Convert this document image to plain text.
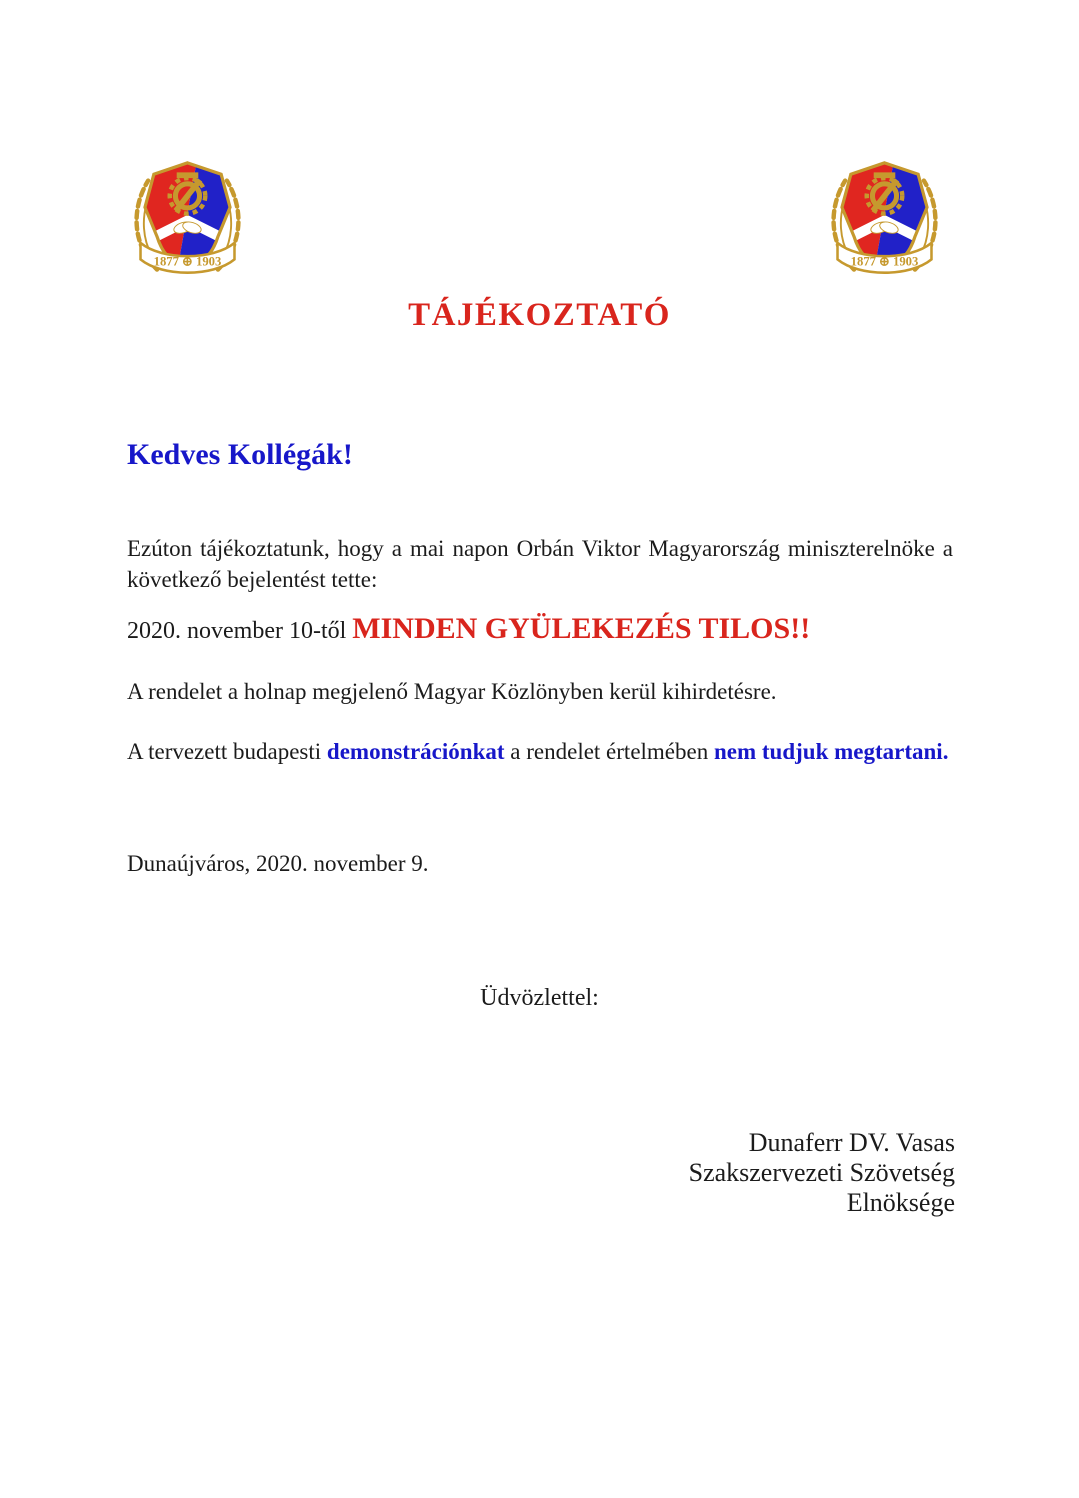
TÁJÉKOZTATÓ

Kedves Kollégák!

Ezúton tájékoztatunk, hogy a mai napon Orbán Viktor Magyarország miniszterelnöke a következő bejelentést tette:

2020. november 10-től MINDEN GYÜLEKEZÉS TILOS!!

A rendelet a holnap megjelenő Magyar Közlönyben kerül kihirdetésre.

A tervezett budapesti demonstrációnkat a rendelet értelmében nem tudjuk megtartani.

Dunaújváros, 2020. november 9.

Üdvözlettel:

Dunaferr DV. Vasas
Szakszervezeti Szövetség
Elnöksége
